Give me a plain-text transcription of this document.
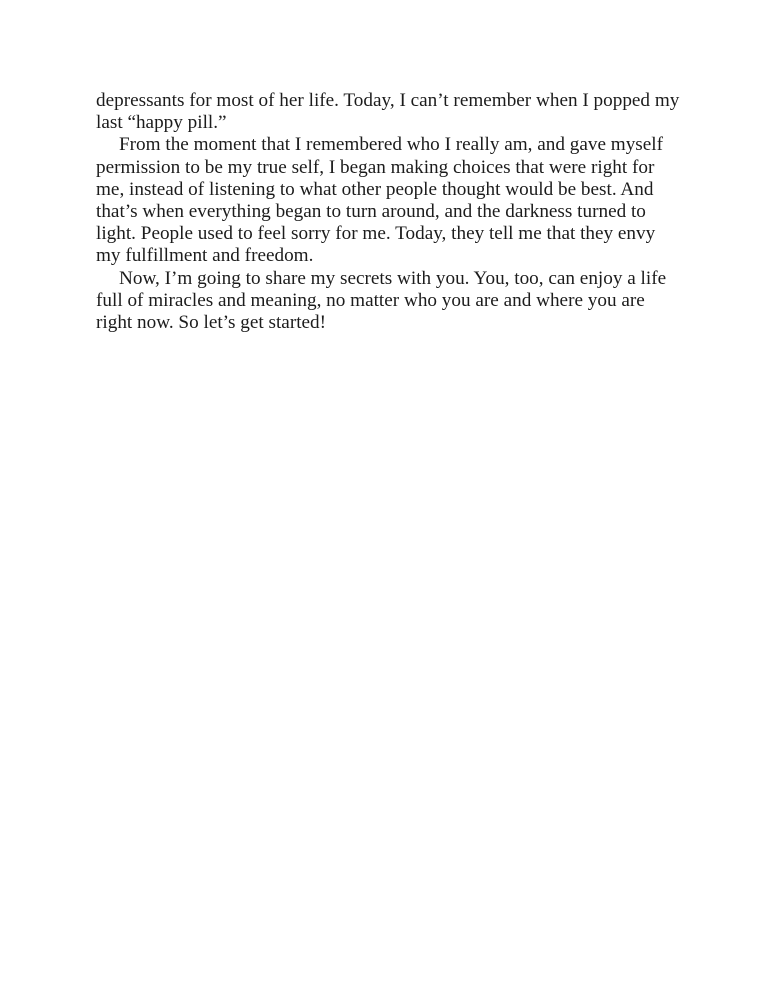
depressants for most of her life. Today, I can’t remember when I popped my
last “happy pill.”

From the moment that I remembered who I really am, and gave myself
permission to be my true self, I began making choices that were right for
me, instead of listening to what other people thought would be best. And
that’s when everything began to turn around, and the darkness turned to
light. People used to feel sorry for me. Today, they tell me that they envy
my fulfillment and freedom.

Now, I’m going to share my secrets with you. You, too, can enjoy a life
full of miracles and meaning, no matter who you are and where you are
right now. So let’s get started!
